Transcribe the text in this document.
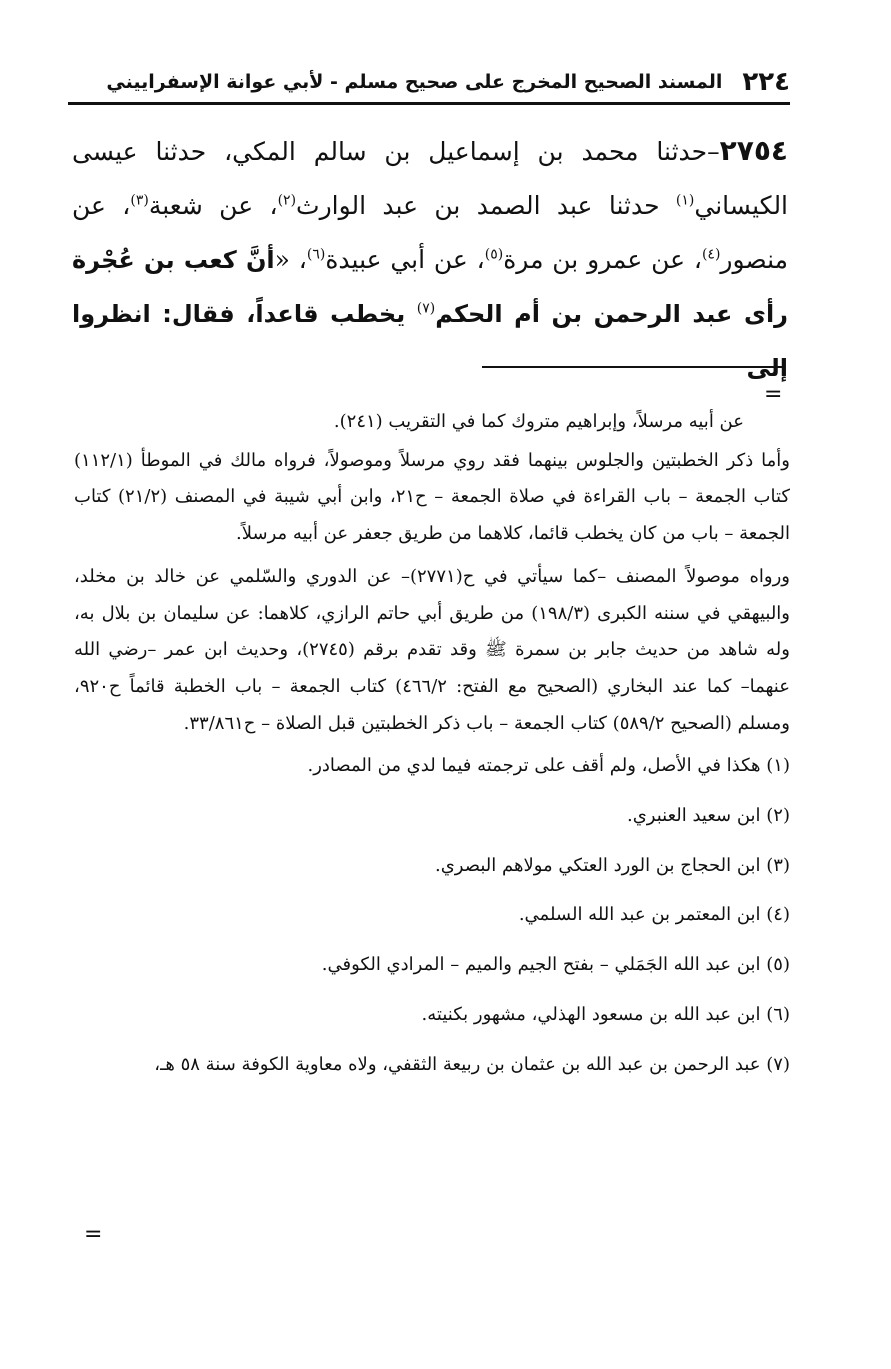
٢٢٤
المسند الصحيح المخرج على صحيح مسلم - لأبي عوانة الإسفراييني
٢٧٥٤–حدثنا محمد بن إسماعيل بن سالم المكي، حدثنا عيسى الكيساني$^{(١)}$ حدثنا عبد الصمد بن عبد الوارث$^{(٢)}$، عن شعبة$^{(٣)}$، عن منصور$^{(٤)}$، عن عمرو بن مرة$^{(٥)}$، عن أبي عبيدة$^{(٦)}$، «أنَّ كعب بن عُجْرة رأى عبد الرحمن بن أم الحكم$^{(٧)}$ يخطب قاعداً، فقال: انظروا إلى
=

عن أبيه مرسلاً، وإبراهيم متروك كما في التقريب (٢٤١).

وأما ذكر الخطبتين والجلوس بينهما فقد روي مرسلاً وموصولاً، فرواه مالك في الموطأ (١١٢/١) كتاب الجمعة – باب القراءة في صلاة الجمعة – ح٢١، وابن أبي شيبة في المصنف (٢١/٢) كتاب الجمعة – باب من كان يخطب قائما، كلاهما من طريق جعفر عن أبيه مرسلاً.

ورواه موصولاً المصنف –كما سيأتي في ح(٢٧٧١)– عن الدوري والسّلمي عن خالد بن مخلد، والبيهقي في سننه الكبرى (١٩٨/٣) من طريق أبي حاتم الرازي، كلاهما: عن سليمان بن بلال به، وله شاهد من حديث جابر بن سمرة ﷺ وقد تقدم برقم (٢٧٤٥)، وحديث ابن عمر –رضي الله عنهما– كما عند البخاري (الصحيح مع الفتح: ٤٦٦/٢) كتاب الجمعة – باب الخطبة قائماً ح٩٢٠، ومسلم (الصحيح ٥٨٩/٢) كتاب الجمعة – باب ذكر الخطبتين قبل الصلاة – ح٣٣/٨٦١.

(١) هكذا في الأصل، ولم أقف على ترجمته فيما لدي من المصادر.

(٢) ابن سعيد العنبري.

(٣) ابن الحجاج بن الورد العتكي مولاهم البصري.

(٤) ابن المعتمر بن عبد الله السلمي.

(٥) ابن عبد الله الجَمَلي – بفتح الجيم والميم – المرادي الكوفي.

(٦) ابن عبد الله بن مسعود الهذلي، مشهور بكنيته.

(٧) عبد الرحمن بن عبد الله بن عثمان بن ربيعة الثقفي، ولاه معاوية الكوفة سنة ٥٨ هـ،

=
